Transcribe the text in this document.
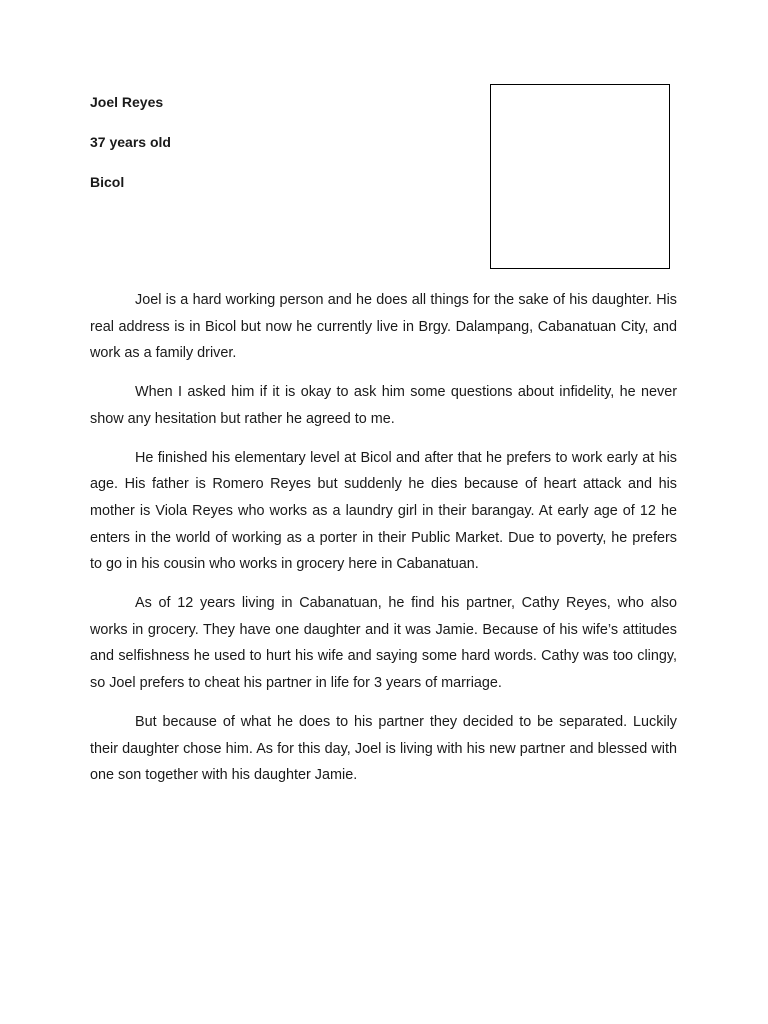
Joel Reyes

37 years old

Bicol

Joel is a hard working person and he does all things for the sake of his daughter. His real address is in Bicol but now he currently live in Brgy. Dalampang, Cabanatuan City, and work as a family driver.

When I asked him if it is okay to ask him some questions about infidelity, he never show any hesitation but rather he agreed to me.

He finished his elementary level at Bicol and after that he prefers to work early at his age. His father is Romero Reyes but suddenly he dies because of heart attack and his mother is Viola Reyes who works as a laundry girl in their barangay. At early age of 12 he enters in the world of working as a porter in their Public Market. Due to poverty, he prefers to go in his cousin who works in grocery here in Cabanatuan.

As of 12 years living in Cabanatuan, he find his partner, Cathy Reyes, who also works in grocery. They have one daughter and it was Jamie. Because of his wife’s attitudes and selfishness he used to hurt his wife and saying some hard words. Cathy was too clingy, so Joel prefers to cheat his partner in life for 3 years of marriage.

But because of what he does to his partner they decided to be separated. Luckily their daughter chose him. As for this day, Joel is living with his new partner and blessed with one son together with his daughter Jamie.
